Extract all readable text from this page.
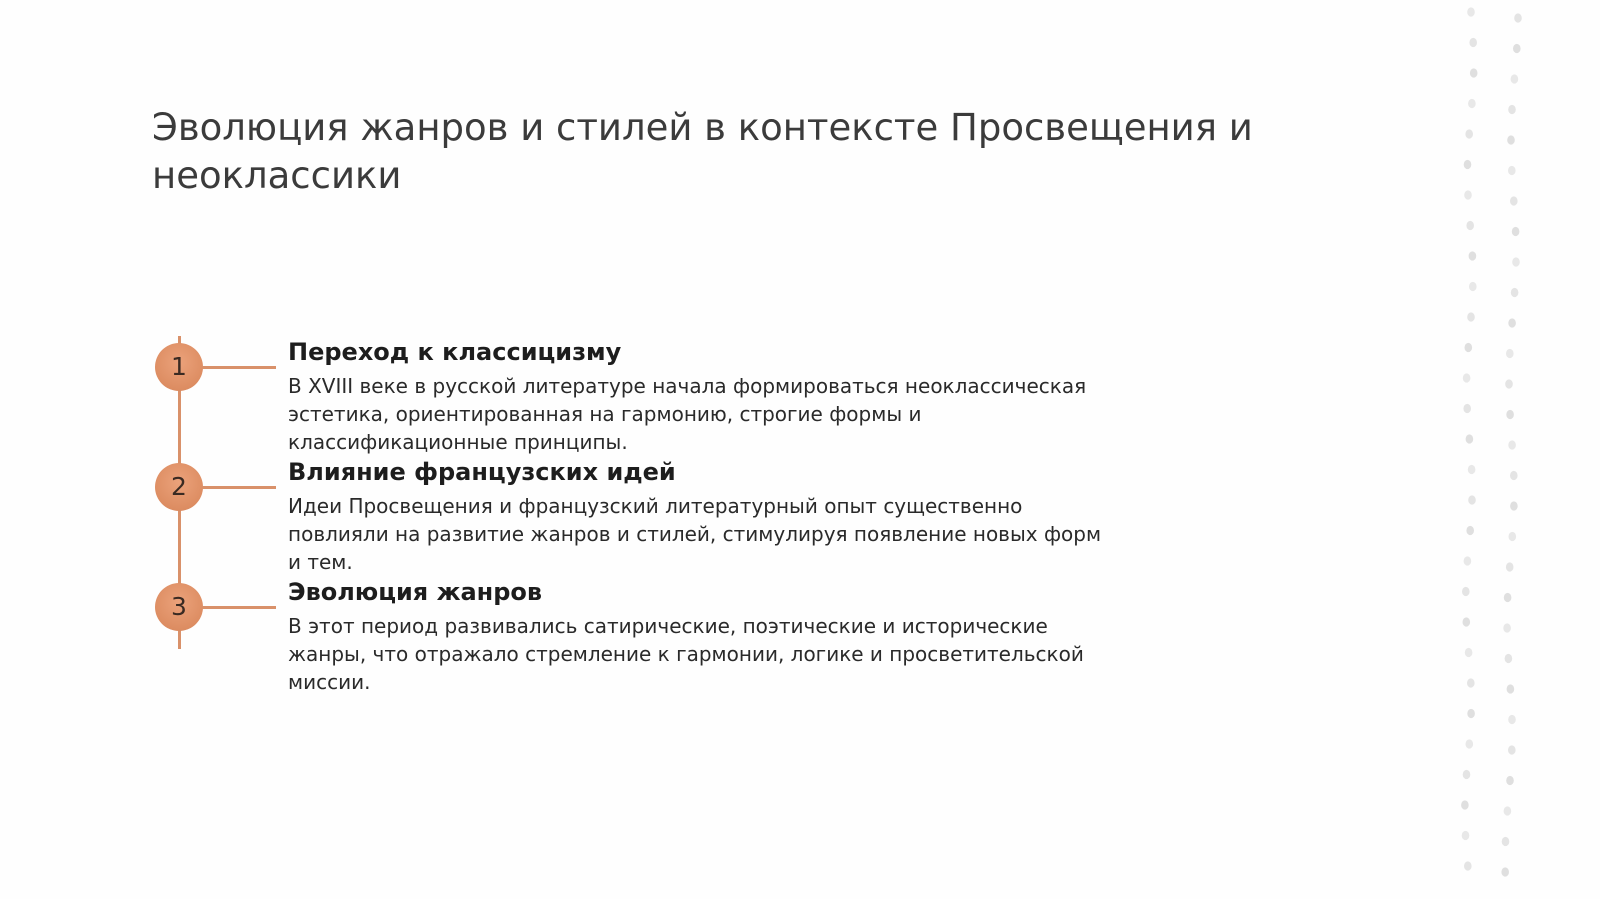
Эволюция жанров и стилей в контексте Просвещения и неоклассики
1	Переход к классицизму

В XVIII веке в русской литературе начала формироваться неоклассическая эстетика, ориентированная на гармонию, строгие формы и классификационные принципы.

2	Влияние французских идей

Идеи Просвещения и французский литературный опыт существенно повлияли на развитие жанров и стилей, стимулируя появление новых форм и тем.

3	Эволюция жанров

В этот период развивались сатирические, поэтические и исторические жанры, что отражало стремление к гармонии, логике и просветительской миссии.
